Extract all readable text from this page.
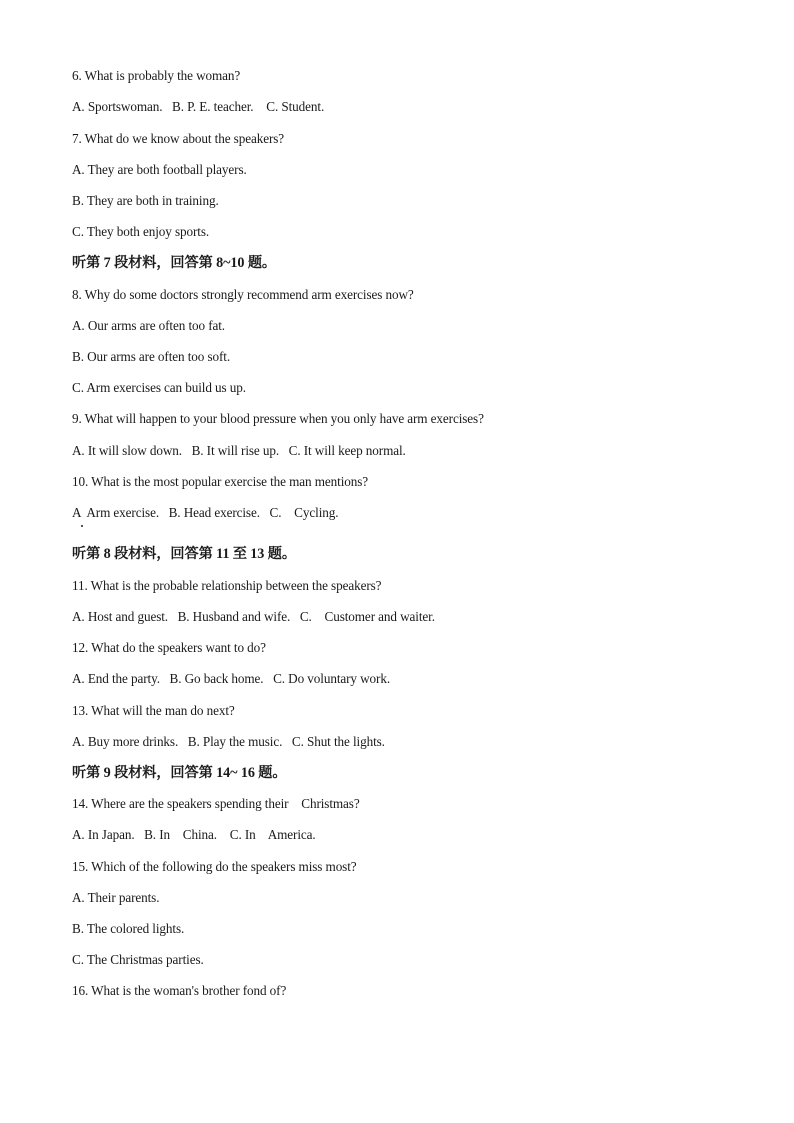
6. What is probably the woman?
A. Sportswoman.   B. P. E. teacher.    C. Student.
7. What do we know about the speakers?
A. They are both football players.
B. They are both in training.
C. They both enjoy sports.
听第 7 段材料，回答第 8~10 题。
8. Why do some doctors strongly recommend arm exercises now?
A. Our arms are often too fat.
B. Our arms are often too soft.
C. Arm exercises can build us up.
9. What will happen to your blood pressure when you only have arm exercises?
A. It will slow down.   B. It will rise up.   C. It will keep normal.
10. What is the most popular exercise the man mentions?
A  Arm exercise.   B. Head exercise.   C.    Cycling.
听第 8 段材料，回答第 11 至 13 题。
11. What is the probable relationship between the speakers?
A. Host and guest.   B. Husband and wife.   C.    Customer and waiter.
12. What do the speakers want to do?
A. End the party.   B. Go back home.   C. Do voluntary work.
13. What will the man do next?
A. Buy more drinks.   B. Play the music.   C. Shut the lights.
听第 9 段材料，回答第 14~ 16 题。
14. Where are the speakers spending their    Christmas?
A. In Japan.   B. In    China.    C. In    America.
15. Which of the following do the speakers miss most?
A. Their parents.
B. The colored lights.
C. The Christmas parties.
16. What is the woman's brother fond of?
